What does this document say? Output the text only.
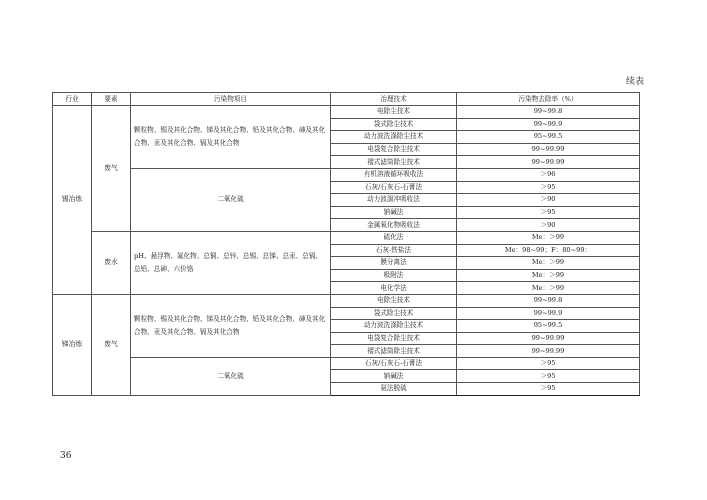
续表
行业	要素	污染物项目	治理技术	污染物去除率（%）
锡冶炼	废气	颗粒物、锡及其化合物、锑及其化合物、铅及其化合物、砷及其化合物、汞及其化合物、镉及其化合物	电除尘技术	99~99.8
			袋式除尘技术	99~99.9
			动力波洗涤除尘技术	95~99.5
			电袋复合除尘技术	99~99.99
			褶式滤筒除尘技术	99~99.99
		二氧化硫	有机溶液循环吸收法	＞96
			石灰/石灰石-石膏法	＞95
			动力波湍冲吸收法	＞90
			钠碱法	＞95
			金属氧化物吸收法	＞90
	废水	pH、悬浮物、氟化物、总铜、总锌、总锡、总锑、总汞、总镉、总铅、总砷、六价铬	硫化法	Me：＞99
			石灰-铁盐法	Me：98~99；F：80~99：
			膜分离法	Me：＞99
			吸附法	Me：＞99
			电化学法	Me：＞99
锑冶炼	废气	颗粒物、锡及其化合物、锑及其化合物、铅及其化合物、砷及其化合物、汞及其化合物、镉及其化合物	电除尘技术	99~99.8
			袋式除尘技术	99~99.9
			动力波洗涤除尘技术	95~99.5
			电袋复合除尘技术	99~99.99
			褶式滤筒除尘技术	99~99.99
		二氧化硫	石灰/石灰石-石膏法	＞95
			钠碱法	＞95
			氨法脱硫	＞95
36
